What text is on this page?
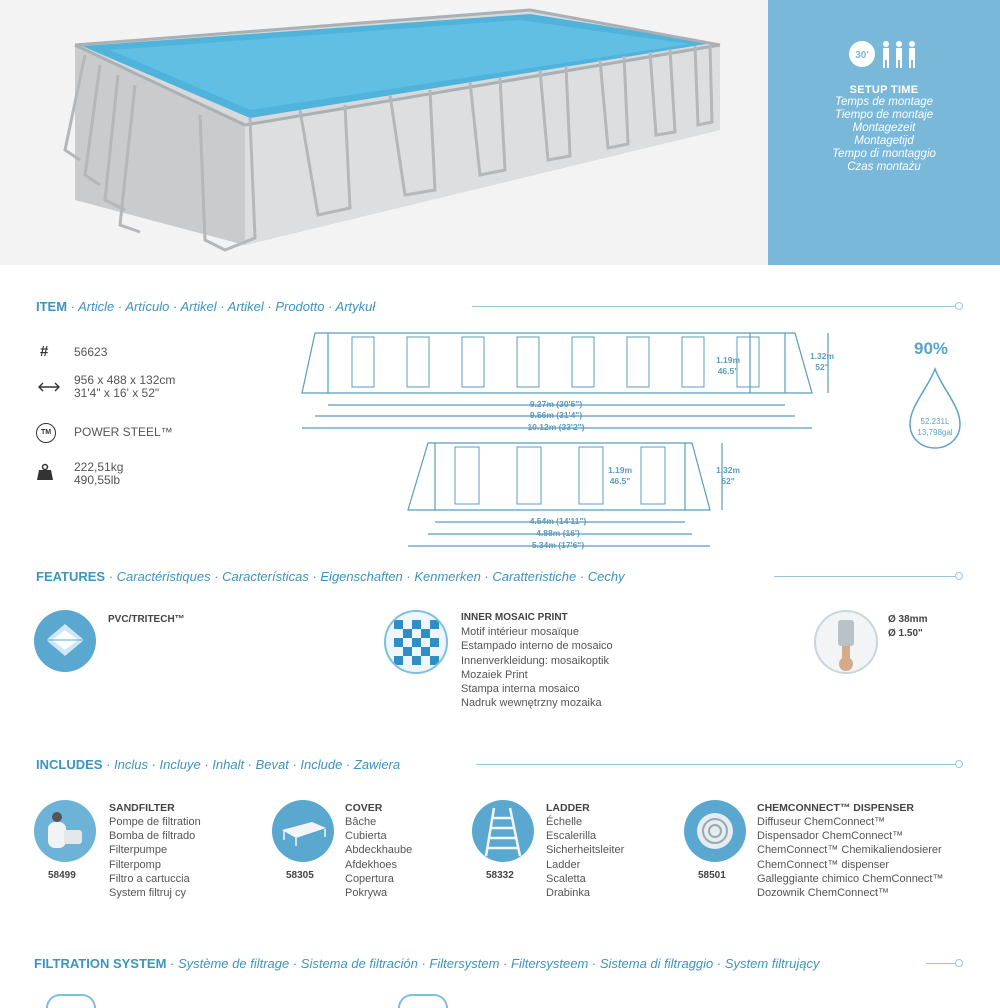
30'
SETUP TIME
Temps de montage
Tiempo de montaje
Montagezeit
Montagetijd
Tempo di montaggio
Czas montażu
ITEM · Article · Artículo · Artikel · Artikel · Prodotto · Artykuł
# 56623
956 x 488 x 132cm
31'4" x 16' x 52"
TM	POWER STEEL™
222,51kg
490,55lb
1.19m
46.5"
1.32m
52"
9.27m (30'5")
9.56m (31'4")
10.12m (33'2")
1.19m
46.5"
1.32m
52"
4.54m (14'11")
4.88m (16')
5.34m (17'6")
90%
52.231L
13,798gal
FEATURES · Caractéristiques · Características · Eigenschaften · Kenmerken · Caratteristiche · Cechy
PVC/TRITECH™	INNER MOSAIC PRINT
Motif intérieur mosaïque
Estampado interno de mosaico
Innenverkleidung: mosaikoptik
Mozaiek Print
Stampa interna mosaico
Nadruk wewnętrzny mozaika
Ø 38mm
Ø 1.50"
INCLUDES · Inclus · Incluye · Inhalt · Bevat · Include · Zawiera
58499
SANDFILTER
Pompe de filtration
Bomba de filtrado
Filterpumpe
Filterpomp
Filtro a cartuccia
System filtruj cy
58305
COVER
Bâche
Cubierta
Abdeckhaube
Afdekhoes
Copertura
Pokrywa
58332
LADDER
Échelle
Escalerilla
Sicherheitsleiter
Ladder
Scaletta
Drabinka
58501
CHEMCONNECT™ DISPENSER
Diffuseur ChemConnect™
Dispensador ChemConnect™
ChemConnect™ Chemikaliendosierer
ChemConnect™ dispenser
Galleggiante chimico ChemConnect™
Dozownik ChemConnect™
FILTRATION SYSTEM · Système de filtrage · Sistema de filtración · Filtersystem · Filtersysteem · Sistema di filtraggio · System filtrujący
